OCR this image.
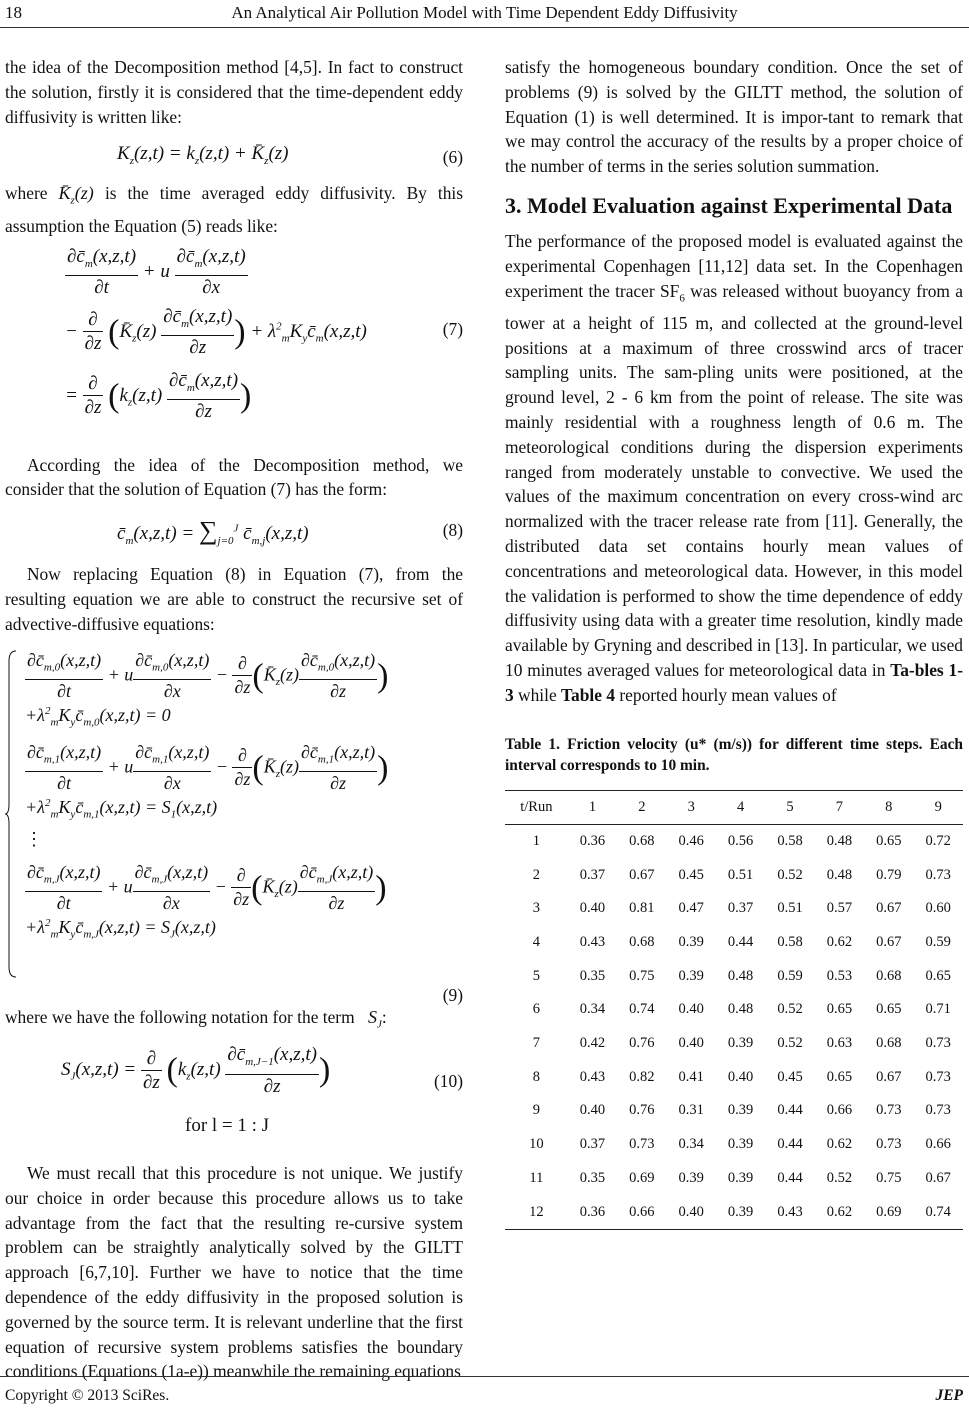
18	An Analytical Air Pollution Model with Time Dependent Eddy Diffusivity

the idea of the Decomposition method [4,5]. In fact to construct the solution, firstly it is considered that the time-dependent eddy diffusivity is written like:

$K_z(z,t) = k_z(z,t)$ + $K̄_z(z)$	(6)

where $K̄_z(z)$ is the time averaged eddy diffusivity. By this assumption the Equation (5) reads like:

$\frac{\partial c̄_m(x,z,t)}{\partial t} + u \frac{\partial c̄_m(x,z,t)}{\partial x}$
− $\frac{\partial}{\partial z}$ ($K̄_z(z) \frac{\partial c̄_m(x,z,t)}{\partial z}$ ) + $\lambda^2_mK_yc̄_m(x,z,t)$
= $\frac{\partial}{\partial z} (k_z(z,t) \frac{\partial c̄_m(x,z,t)}{\partial z}$ )
(7)

According the idea of the Decomposition method, we consider that the solution of Equation (7) has the form:

$c̄_m(x,z,t) = \sum_{j=0}^J$ $c̄_{m,j}(x,z,t)$	(8)

Now replacing Equation (8) in Equation (7), from the resulting equation we are able to construct the recursive set of advective-diffusive equations:

$\frac{\partial c̄_{m,0}(x,z,t)}{\partial t} + u \frac{\partial c̄_{m,0}(x,z,t)}{\partial x} - \frac{\partial}{\partial z}$ ($K̄_z(z) \frac{\partial c̄_{m,0}(x,z,t)}{\partial z}$ )
$+\lambda^2_mK_yc̄_{m,0}(x,z,t) = 0$
$\frac{\partial c̄_{m,1}(x,z,t)}{\partial t} + u \frac{\partial c̄_{m,1}(x,z,t)}{\partial x} - \frac{\partial}{\partial z}$ ($K̄_z(z) \frac{\partial c̄_{m,1}(x,z,t)}{\partial z}$ )
$+\lambda^2_mK_yc̄_{m,1}(x,z,t) = S_1(x,z,t)$
⋮
$\frac{\partial c̄_{m,J}(x,z,t)}{\partial t} + u \frac{\partial c̄_{m,J}(x,z,t)}{\partial x} - \frac{\partial}{\partial z}$ ($K̄_z(z) \frac{\partial c̄_{m,J}(x,z,t)}{\partial z}$ )
$+\lambda^2_mK_yc̄_{m,J}(x,z,t) = S_J(x,z,t)$
(9)

where we have the following notation for the term   $S_J$:

$S_J(x,z,t) = \frac{\partial}{\partial z} (k_z(z,t) \frac{\partial c̄_{m,J-1}(x,z,t)}{\partial z}$ )
for l = 1 : J
(10)

We must recall that this procedure is not unique. We justify our choice in order because this procedure allows us to take advantage from the fact that the resulting re-cursive system problem can be straightly analytically solved by the GILTT approach [6,7,10]. Further we have to notice that the time dependence of the eddy diffusivity in the proposed solution is governed by the source term. It is relevant underline that the first equation of recursive system problems satisfies the boundary conditions (Equations (1a-e)) meanwhile the remaining equations

satisfy the homogeneous boundary condition. Once the set of problems (9) is solved by the GILTT method, the solution of Equation (1) is well determined. It is impor-tant to remark that we may control the accuracy of the results by a proper choice of the number of terms in the series solution summation.

3. Model Evaluation against Experimental Data

The performance of the proposed model is evaluated against the experimental Copenhagen [11,12] data set. In the Copenhagen experiment the tracer $SF_6$ was released without buoyancy from a tower at a height of 115 m, and collected at the ground-level positions at a maximum of three crosswind arcs of tracer sampling units. The sam-pling units were positioned, at the ground level, 2 - 6 km from the point of release. The site was mainly residential with a roughness length of 0.6 m. The meteorological conditions during the dispersion experiments ranged from moderately unstable to convective. We used the values of the maximum concentration on every cross-wind arc normalized with the tracer release rate from [11]. Generally, the distributed data set contains hourly mean values of concentrations and meteorological data. However, in this model the validation is performed to show the time dependence of eddy diffusivity using data with a greater time resolution, kindly made available by Gryning and described in [13]. In particular, we used 10 minutes averaged values for meteorological data in Ta-bles 1-3 while Table 4 reported hourly mean values of

Table 1. Friction velocity (u* (m/s)) for different time steps. Each interval corresponds to 10 min.
t/Run	1	2	3	4	5	7	8	9
1	0.36	0.68	0.46	0.56	0.58	0.48	0.65	0.72
2	0.37	0.67	0.45	0.51	0.52	0.48	0.79	0.73
3	0.40	0.81	0.47	0.37	0.51	0.57	0.67	0.60
4	0.43	0.68	0.39	0.44	0.58	0.62	0.67	0.59
5	0.35	0.75	0.39	0.48	0.59	0.53	0.68	0.65
6	0.34	0.74	0.40	0.48	0.52	0.65	0.65	0.71
7	0.42	0.76	0.40	0.39	0.52	0.63	0.68	0.73
8	0.43	0.82	0.41	0.40	0.45	0.65	0.67	0.73
9	0.40	0.76	0.31	0.39	0.44	0.66	0.73	0.73
10	0.37	0.73	0.34	0.39	0.44	0.62	0.73	0.66
11	0.35	0.69	0.39	0.39	0.44	0.52	0.75	0.67
12	0.36	0.66	0.40	0.39	0.43	0.62	0.69	0.74
Copyright © 2013 SciRes.	JEP
